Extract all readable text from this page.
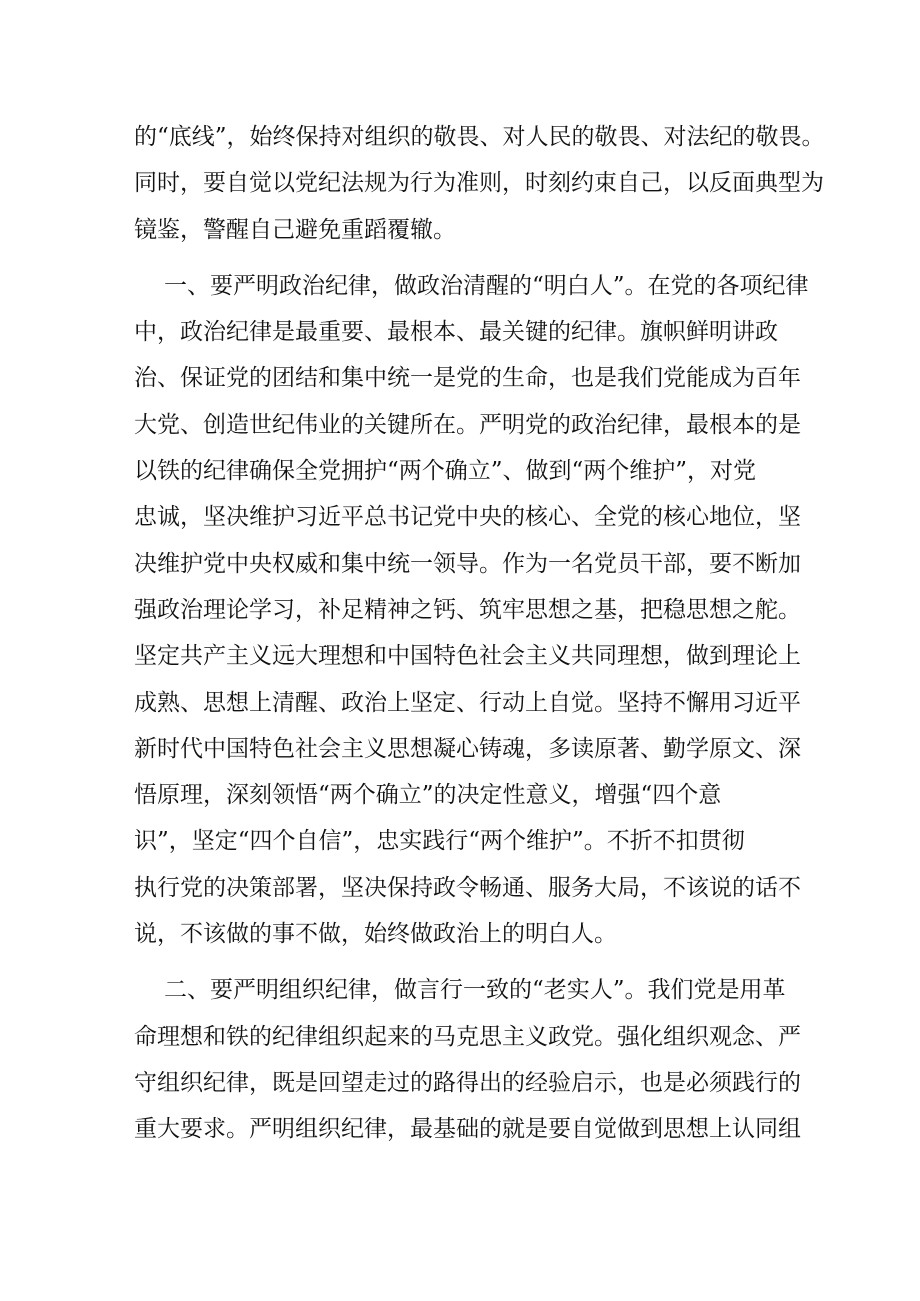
的“底线”，始终保持对组织的敬畏、对人民的敬畏、对法纪的敬畏。
同时，要自觉以党纪法规为行为准则，时刻约束自己，以反面典型为
镜鉴，警醒自己避免重蹈覆辙。
一、要严明政治纪律，做政治清醒的“明白人”。在党的各项纪律
中，政治纪律是最重要、最根本、最关键的纪律。旗帜鲜明讲政
治、保证党的团结和集中统一是党的生命，也是我们党能成为百年
大党、创造世纪伟业的关键所在。严明党的政治纪律，最根本的是
以铁的纪律确保全党拥护“两个确立”、做到“两个维护”，对党
忠诚，坚决维护习近平总书记党中央的核心、全党的核心地位，坚
决维护党中央权威和集中统一领导。作为一名党员干部，要不断加
强政治理论学习，补足精神之钙、筑牢思想之基，把稳思想之舵。
坚定共产主义远大理想和中国特色社会主义共同理想，做到理论上
成熟、思想上清醒、政治上坚定、行动上自觉。坚持不懈用习近平
新时代中国特色社会主义思想凝心铸魂，多读原著、勤学原文、深
悟原理，深刻领悟“两个确立”的决定性意义，增强“四个意
识”，坚定“四个自信”，忠实践行“两个维护”。不折不扣贯彻
执行党的决策部署，坚决保持政令畅通、服务大局，不该说的话不
说，不该做的事不做，始终做政治上的明白人。
二、要严明组织纪律，做言行一致的“老实人”。我们党是用革
命理想和铁的纪律组织起来的马克思主义政党。强化组织观念、严
守组织纪律，既是回望走过的路得出的经验启示，也是必须践行的
重大要求。严明组织纪律，最基础的就是要自觉做到思想上认同组
